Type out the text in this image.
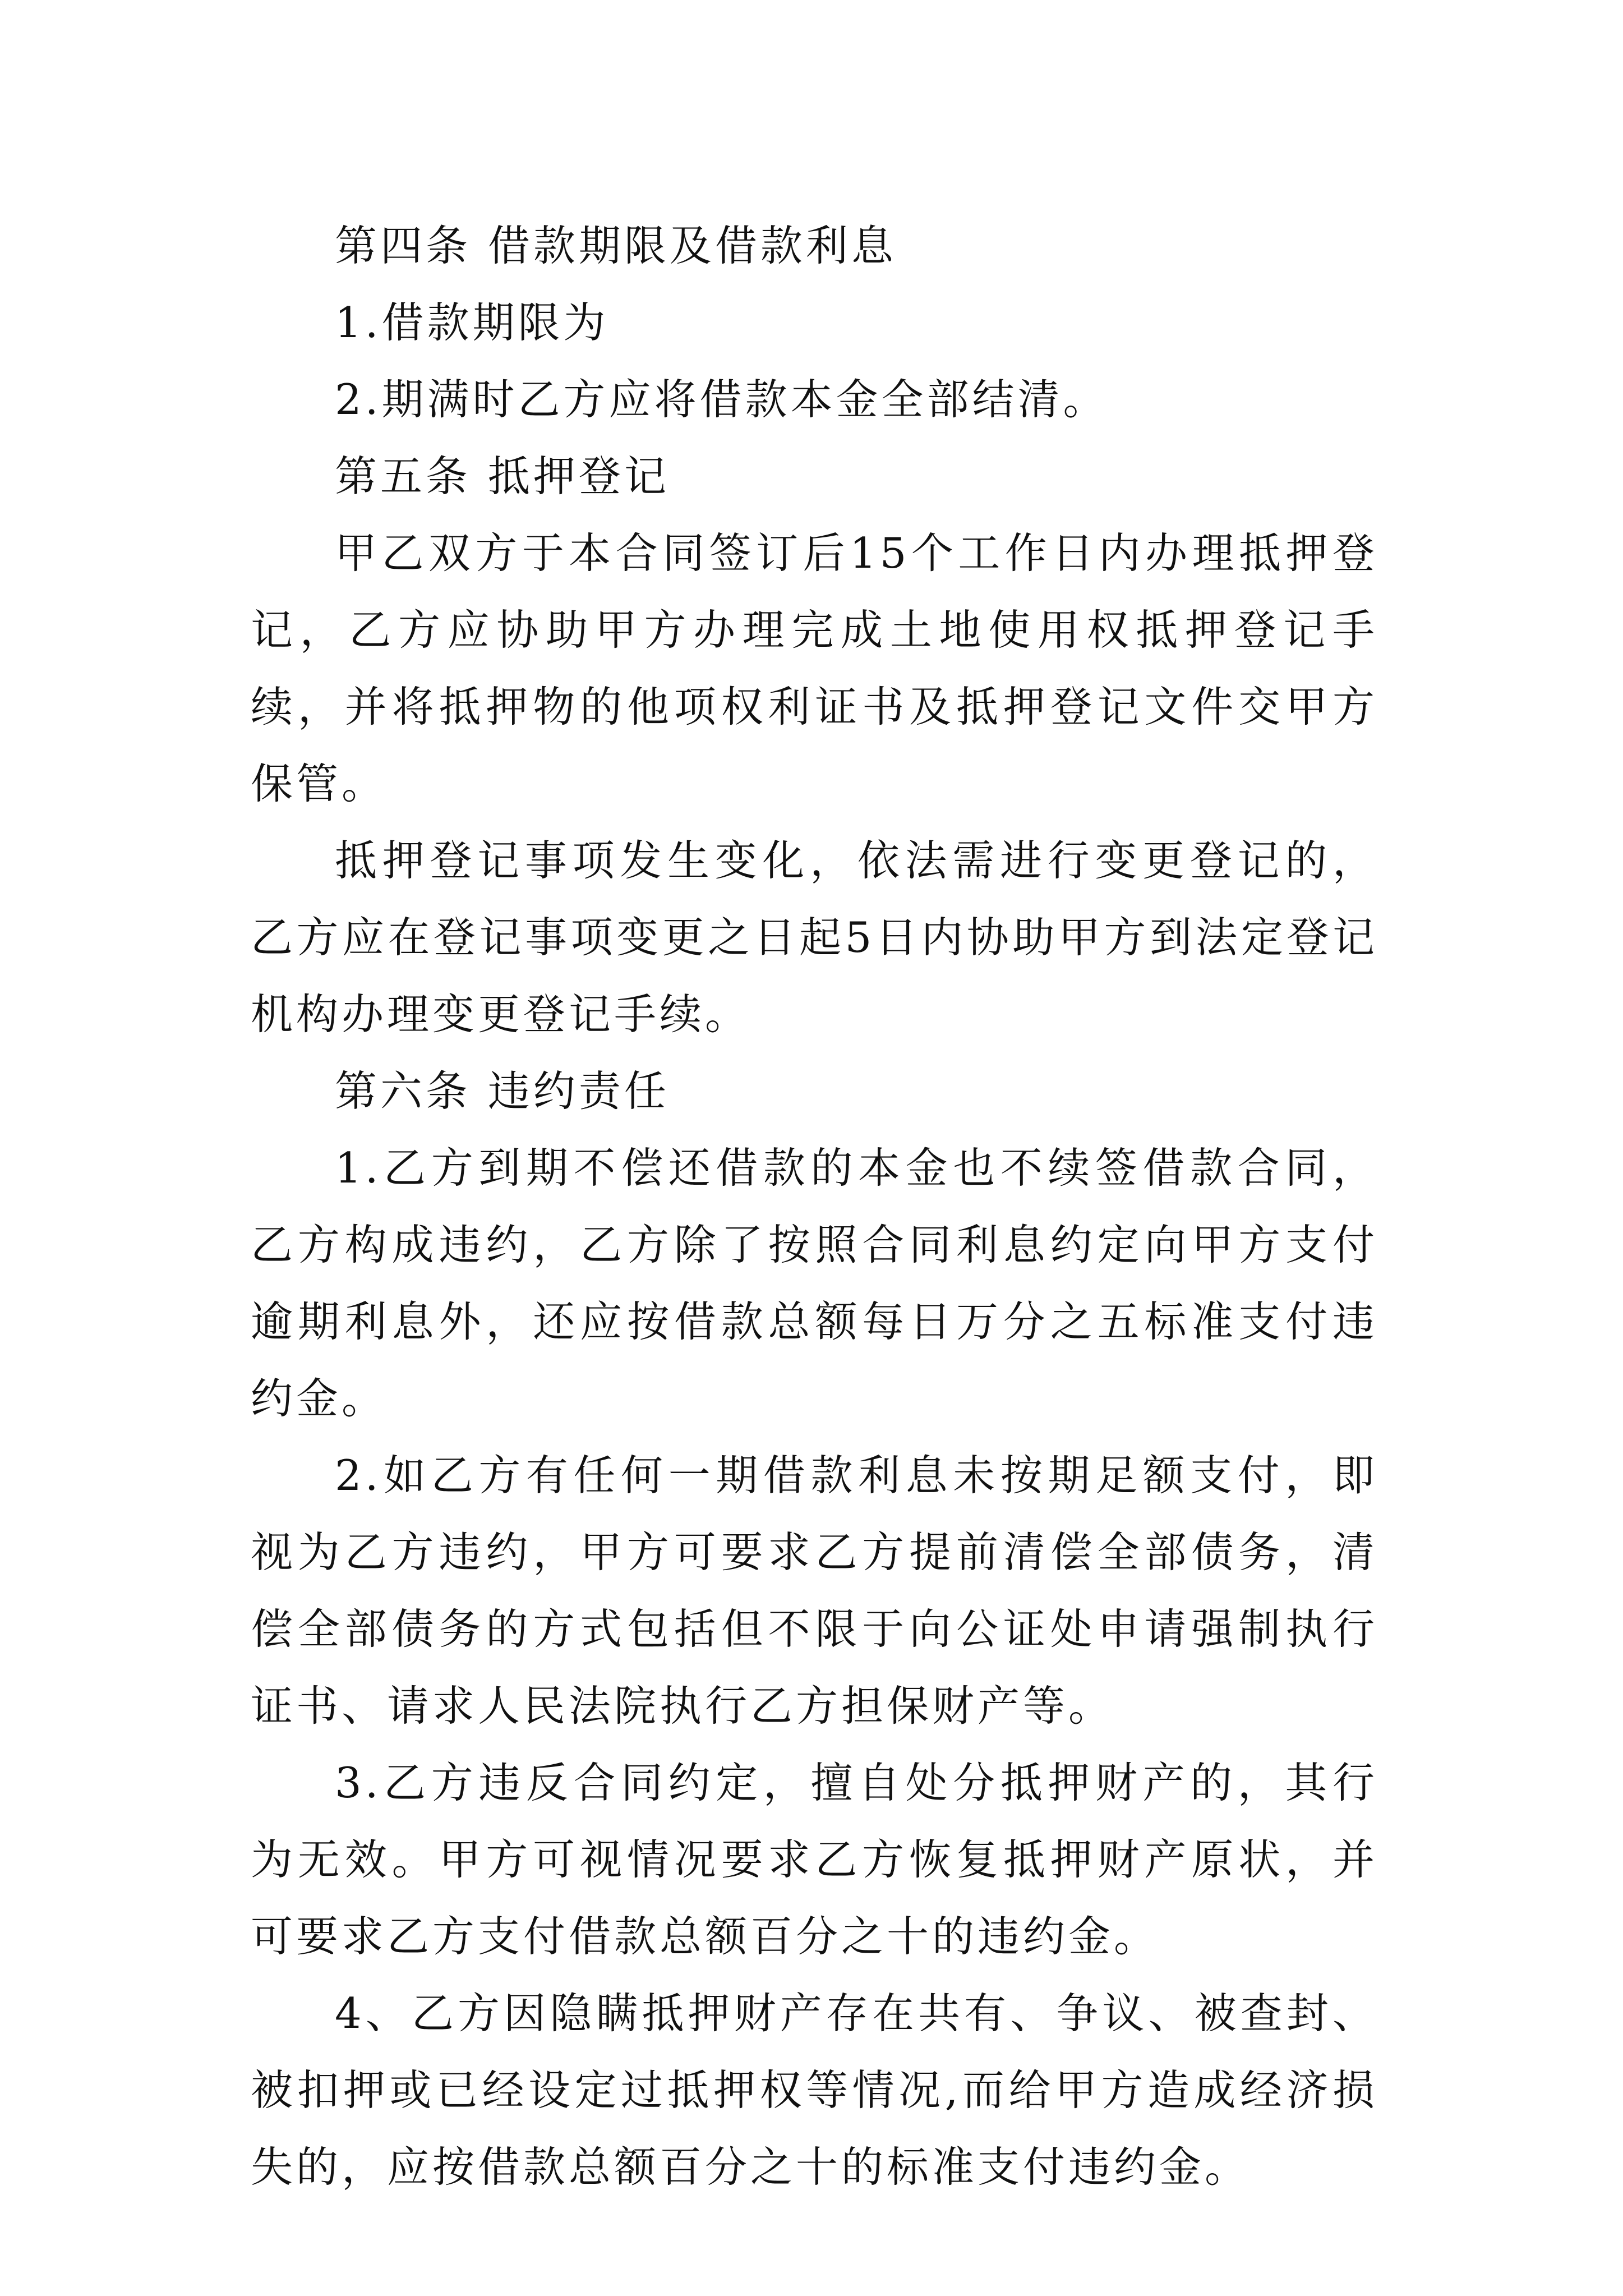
第四条 借款期限及借款利息

1.借款期限为

2.期满时乙方应将借款本金全部结清。

第五条 抵押登记

甲乙双方于本合同签订后15个工作日内办理抵押登记，乙方应协助甲方办理完成土地使用权抵押登记手续，并将抵押物的他项权利证书及抵押登记文件交甲方保管。

抵押登记事项发生变化，依法需进行变更登记的，乙方应在登记事项变更之日起5日内协助甲方到法定登记机构办理变更登记手续。

第六条 违约责任

1.乙方到期不偿还借款的本金也不续签借款合同，乙方构成违约，乙方除了按照合同利息约定向甲方支付逾期利息外，还应按借款总额每日万分之五标准支付违约金。

2.如乙方有任何一期借款利息未按期足额支付，即视为乙方违约，甲方可要求乙方提前清偿全部债务，清偿全部债务的方式包括但不限于向公证处申请强制执行证书、请求人民法院执行乙方担保财产等。

3.乙方违反合同约定，擅自处分抵押财产的，其行为无效。甲方可视情况要求乙方恢复抵押财产原状，并可要求乙方支付借款总额百分之十的违约金。

4、乙方因隐瞒抵押财产存在共有、争议、被查封、被扣押或已经设定过抵押权等情况,而给甲方造成经济损失的，应按借款总额百分之十的标准支付违约金。
